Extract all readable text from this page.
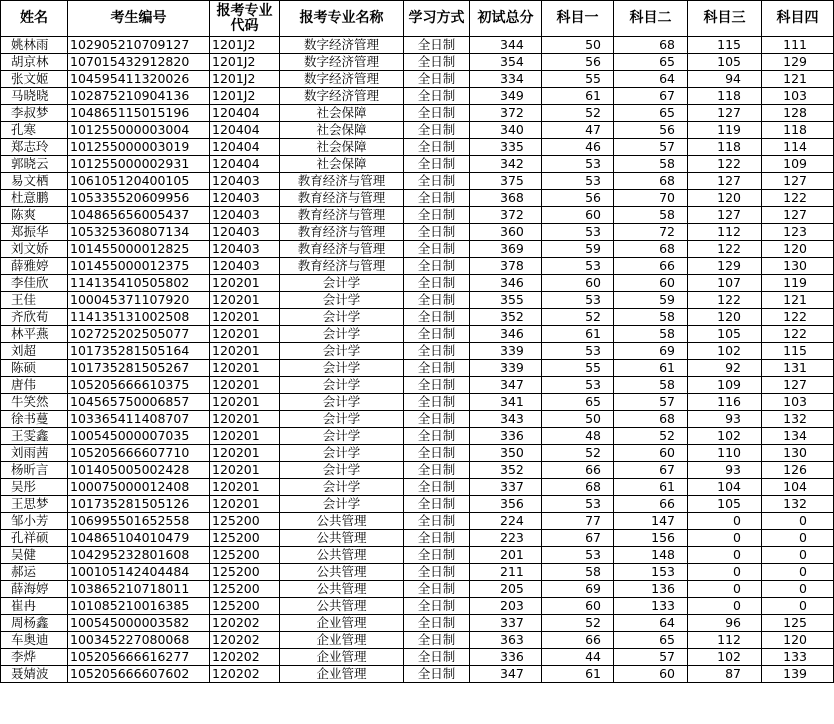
姓名	考生编号	报考专业代码	报考专业名称	学习方式	初试总分	科目一	科目二	科目三	科目四
姚林雨	102905210709127	1201J2	数字经济管理	全日制	344	50	68	115	111
胡京林	107015432912820	1201J2	数字经济管理	全日制	354	56	65	105	129
张文姬	104595411320026	1201J2	数字经济管理	全日制	334	55	64	94	121
马晓晓	102875210904136	1201J2	数字经济管理	全日制	349	61	67	118	103
李叔梦	104865115015196	120404	社会保障	全日制	372	52	65	127	128
孔寒	101255000003004	120404	社会保障	全日制	340	47	56	119	118
郑志玲	101255000003019	120404	社会保障	全日制	335	46	57	118	114
郭晓云	101255000002931	120404	社会保障	全日制	342	53	58	122	109
易文栖	106105120400105	120403	教育经济与管理	全日制	375	53	68	127	127
杜意鹏	105335520609956	120403	教育经济与管理	全日制	368	56	70	120	122
陈爽	104865656005437	120403	教育经济与管理	全日制	372	60	58	127	127
郑振华	105325360807134	120403	教育经济与管理	全日制	360	53	72	112	123
刘文娇	101455000012825	120403	教育经济与管理	全日制	369	59	68	122	120
薛雅婷	101455000012375	120403	教育经济与管理	全日制	378	53	66	129	130
李佳欣	114135410505802	120201	会计学	全日制	346	60	60	107	119
王佳	100045371107920	120201	会计学	全日制	355	53	59	122	121
齐欣荀	114135131002508	120201	会计学	全日制	352	52	58	120	122
林平燕	102725202505077	120201	会计学	全日制	346	61	58	105	122
刘超	101735281505164	120201	会计学	全日制	339	53	69	102	115
陈硕	101735281505267	120201	会计学	全日制	339	55	61	92	131
唐伟	105205666610375	120201	会计学	全日制	347	53	58	109	127
牛笑然	104565750006857	120201	会计学	全日制	341	65	57	116	103
徐书蔓	103365411408707	120201	会计学	全日制	343	50	68	93	132
王雯鑫	100545000007035	120201	会计学	全日制	336	48	52	102	134
刘雨茜	105205666607710	120201	会计学	全日制	350	52	60	110	130
杨昕言	101405005002428	120201	会计学	全日制	352	66	67	93	126
吴彤	100075000012408	120201	会计学	全日制	337	68	61	104	104
王思梦	101735281505126	120201	会计学	全日制	356	53	66	105	132
邹小芳	106995501652558	125200	公共管理	全日制	224	77	147	0	0
孔祥硕	104865104010479	125200	公共管理	全日制	223	67	156	0	0
吴健	104295232801608	125200	公共管理	全日制	201	53	148	0	0
郝运	100105142404484	125200	公共管理	全日制	211	58	153	0	0
薛海婷	103865210718011	125200	公共管理	全日制	205	69	136	0	0
崔冉	101085210016385	125200	公共管理	全日制	203	60	133	0	0
周杨鑫	100545000003582	120202	企业管理	全日制	337	52	64	96	125
车奥迪	100345227080068	120202	企业管理	全日制	363	66	65	112	120
李烨	105205666616277	120202	企业管理	全日制	336	44	57	102	133
聂婧波	105205666607602	120202	企业管理	全日制	347	61	60	87	139
